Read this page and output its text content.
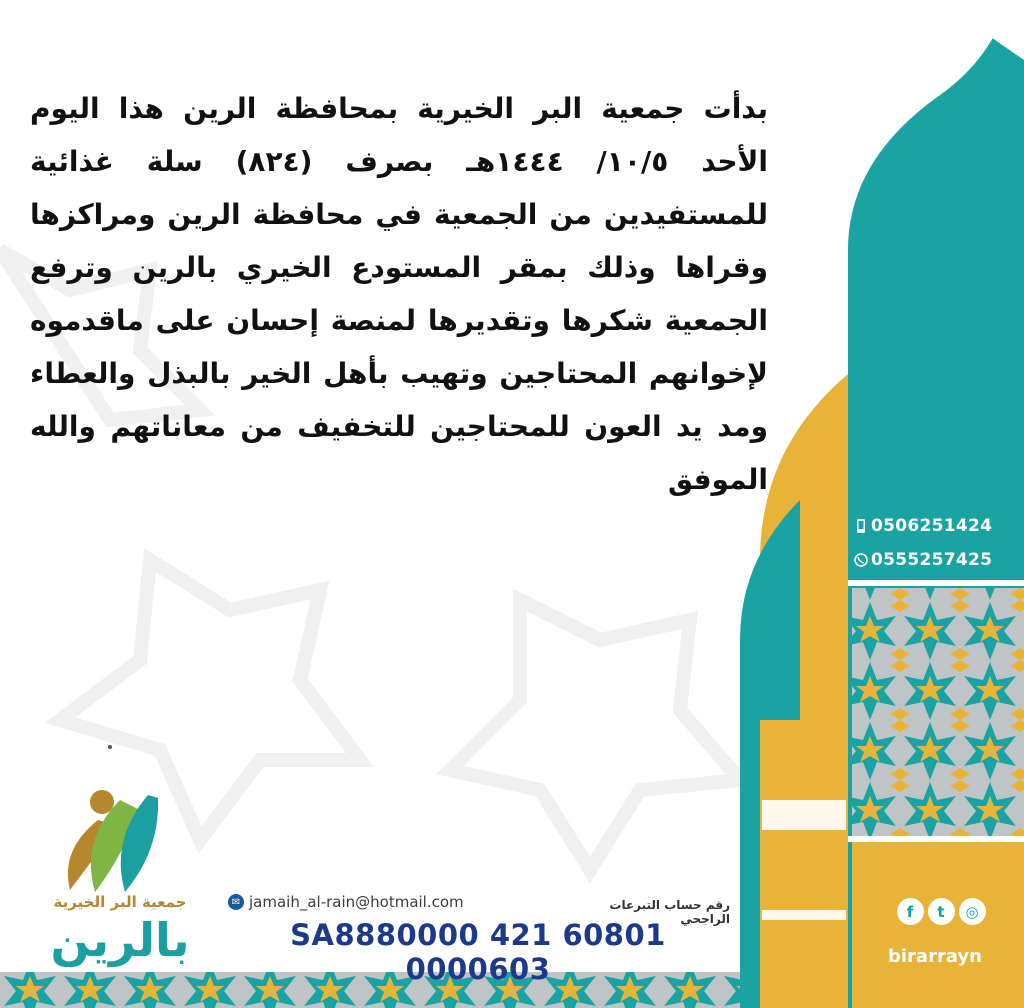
بدأت جمعية البر الخيرية بمحافظة الرين هذا اليوم الأحد ١٠/٥/ ١٤٤٤هـ بصرف (٨٢٤) سلة غذائية للمستفيدين من الجمعية في محافظة الرين ومراكزها وقراها وذلك بمقر المستودع الخيري بالرين وترفع الجمعية شكرها وتقديرها لمنصة إحسان على ماقدموه لإخوانهم المحتاجين وتهيب بأهل الخير بالبذل والعطاء ومد يد العون للمحتاجين للتخفيف من معاناتهم والله الموفق

0506251424
0555257425
f	t	◎
birarrayn
جمعية البر الخيرية
بالرين
✉ jamaih_al-rain@hotmail.com	رقم حساب التبرعات الراجحي
SA8880000 421 60801 0000603
